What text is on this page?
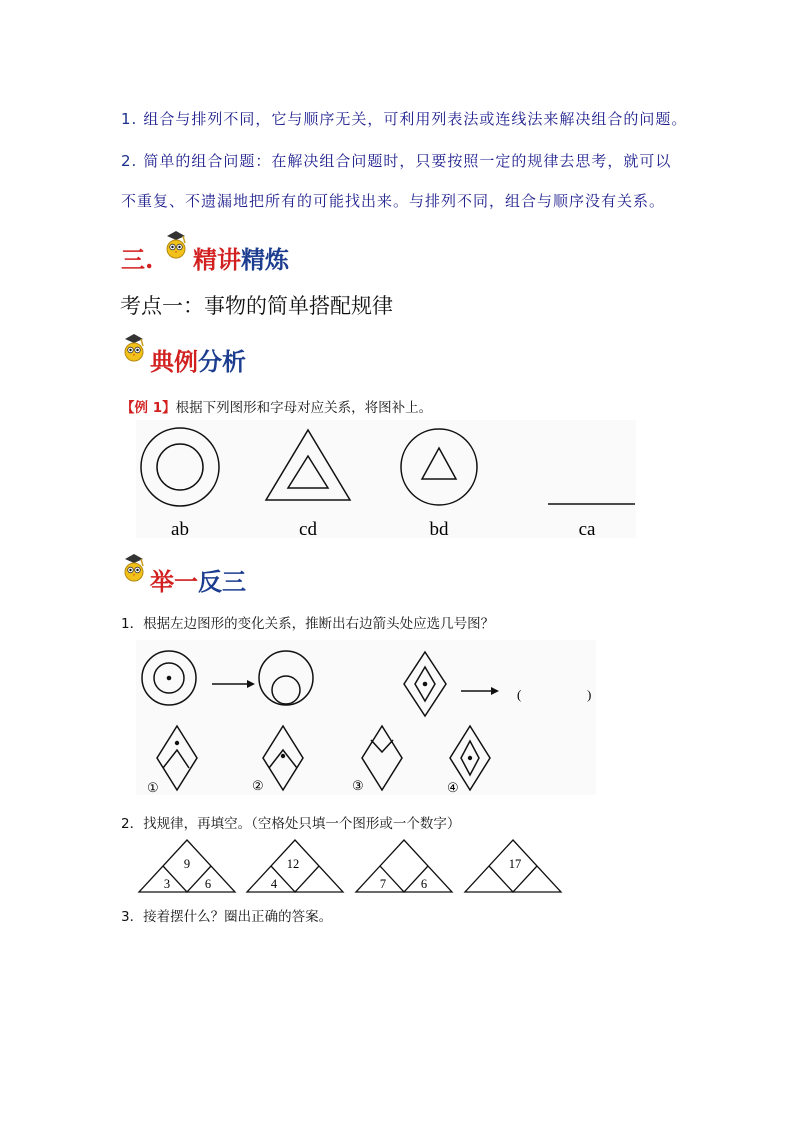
1. 组合与排列不同，它与顺序无关，可利用列表法或连线法来解决组合的问题。
2. 简单的组合问题：在解决组合问题时，只要按照一定的规律去思考，就可以
不重复、不遗漏地把所有的可能找出来。与排列不同，组合与顺序没有关系。
三. 精讲精炼
考点一：事物的简单搭配规律
典例分析
【例 1】根据下列图形和字母对应关系，将图补上。
ab	cd	bd	ca
举一反三
1．根据左边图形的变化关系，推断出右边箭头处应选几号图？
(	)
①	②	③	④
2．找规律，再填空。（空格处只填一个图形或一个数字）
9
3	6
12
4	7	6
17
3．接着摆什么？圈出正确的答案。
